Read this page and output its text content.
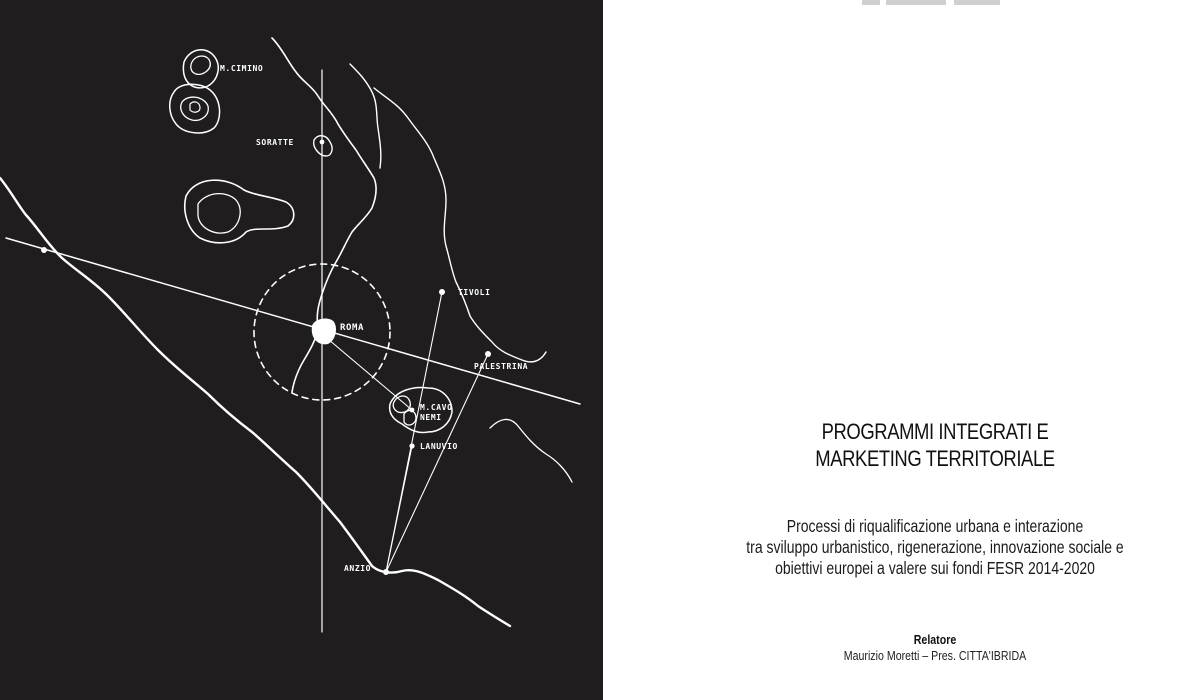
M.CIMINO
SORATTE
ROMA
TIVOLI
PALESTRINA
M.CAVO
NEMI
LANUVIO
ANZIO
PROGRAMMI INTEGRATI E
MARKETING TERRITORIALE
Processi di riqualificazione urbana e interazione
tra sviluppo urbanistico, rigenerazione, innovazione sociale e
obiettivi europei a valere sui fondi FESR 2014-2020
Relatore
Maurizio Moretti – Pres. CITTA'IBRIDA
